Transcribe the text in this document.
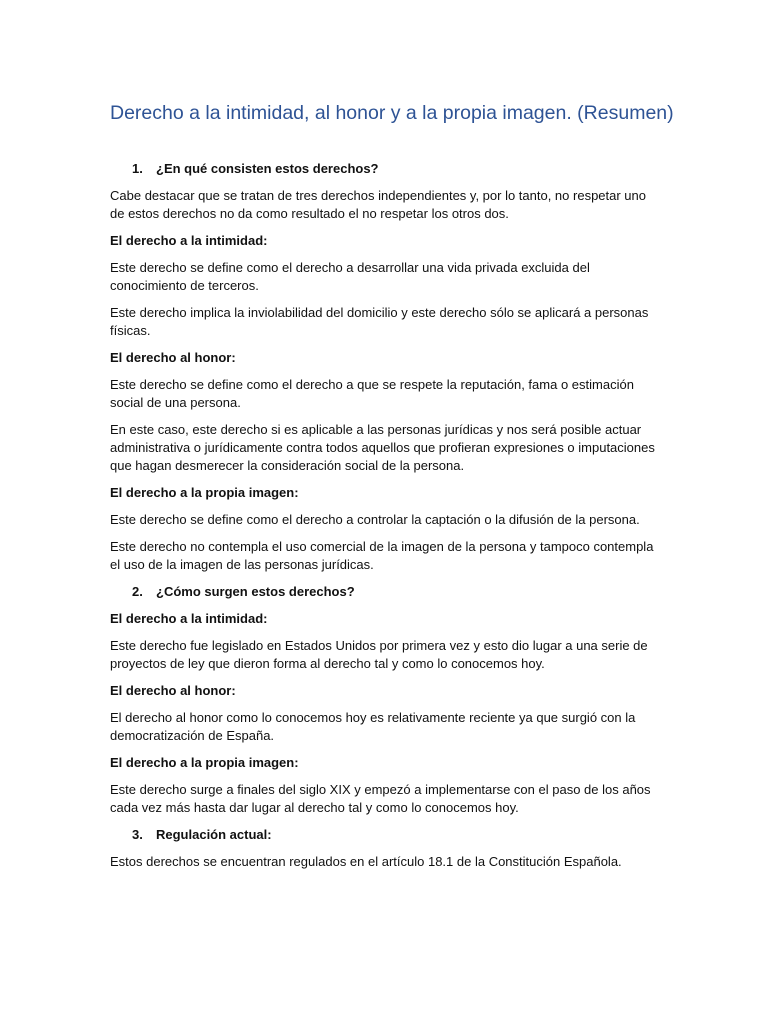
Derecho a la intimidad, al honor y a la propia imagen. (Resumen)
1. ¿En qué consisten estos derechos?

Cabe destacar que se tratan de tres derechos independientes y, por lo tanto, no respetar uno de estos derechos no da como resultado el no respetar los otros dos.

El derecho a la intimidad:

Este derecho se define como el derecho a desarrollar una vida privada excluida del conocimiento de terceros.

Este derecho implica la inviolabilidad del domicilio y este derecho sólo se aplicará a personas físicas.

El derecho al honor:

Este derecho se define como el derecho a que se respete la reputación, fama o estimación social de una persona.

En este caso, este derecho si es aplicable a las personas jurídicas y nos será posible actuar administrativa o jurídicamente contra todos aquellos que profieran expresiones o imputaciones que hagan desmerecer la consideración social de la persona.

El derecho a la propia imagen:

Este derecho se define como el derecho a controlar la captación o la difusión de la persona.

Este derecho no contempla el uso comercial de la imagen de la persona y tampoco contempla el uso de la imagen de las personas jurídicas.

2. ¿Cómo surgen estos derechos?
El derecho a la intimidad:

Este derecho fue legislado en Estados Unidos por primera vez y esto dio lugar a una serie de proyectos de ley que dieron forma al derecho tal y como lo conocemos hoy.

El derecho al honor:

El derecho al honor como lo conocemos hoy es relativamente reciente ya que surgió con la democratización de España.

El derecho a la propia imagen:

Este derecho surge a finales del siglo XIX y empezó a implementarse con el paso de los años cada vez más hasta dar lugar al derecho tal y como lo conocemos hoy.

3. Regulación actual:

Estos derechos se encuentran regulados en el artículo 18.1 de la Constitución Española.
